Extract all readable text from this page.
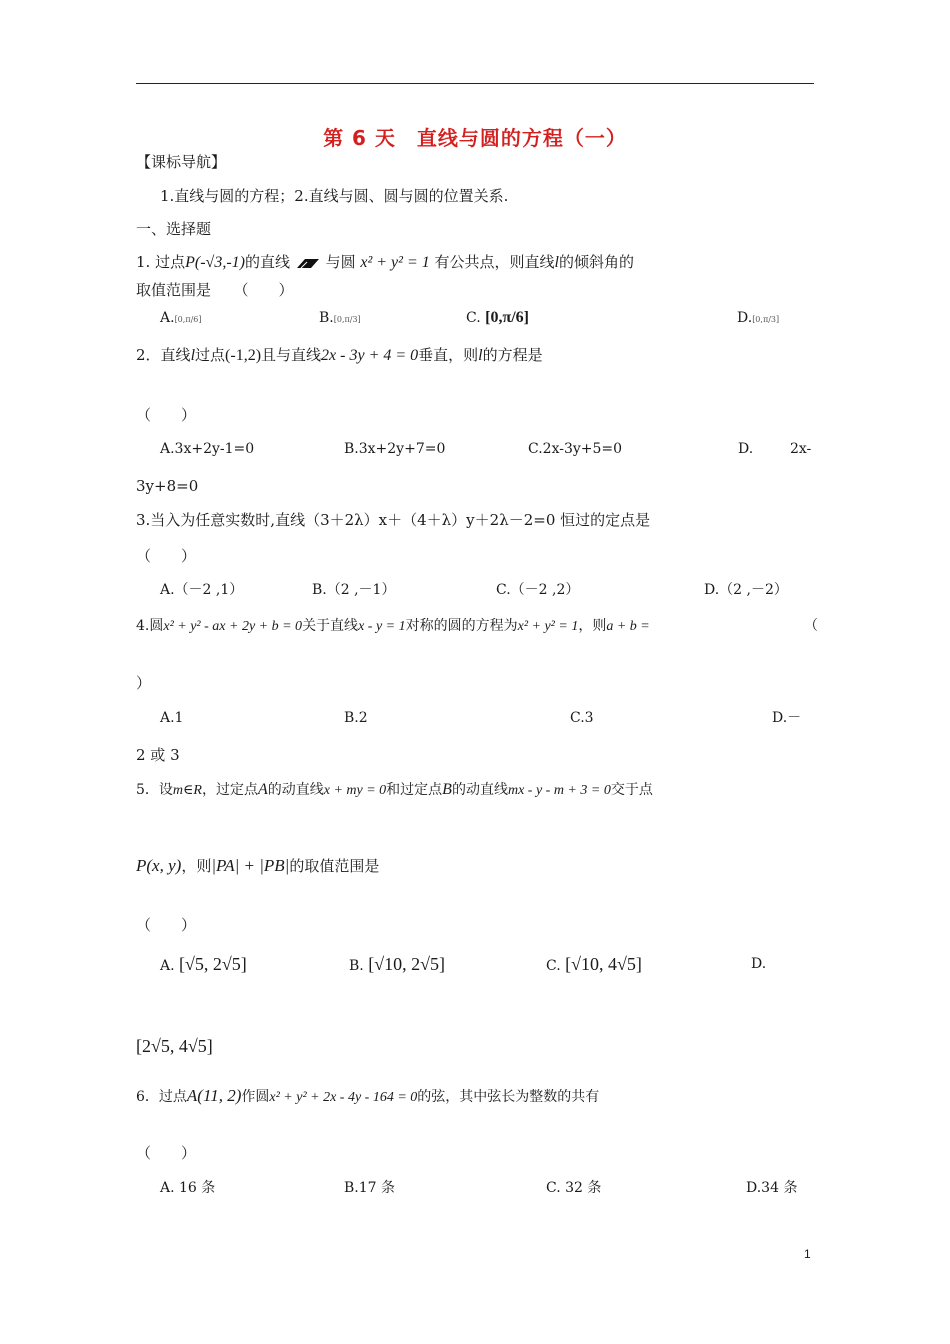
第 6 天　直线与圆的方程（一）
【课标导航】
1.直线与圆的方程；2.直线与圆、圆与圆的位置关系.
一、选择题
1. 过点P(-√3,-1)的直线 与圆 x² + y² = 1 有公共点，则直线l的倾斜角的
取值范围是　　（　　）
A.[0,π/6]	B.[0,π/3]	C. [0,π/6]	D.[0,π/3]
2．直线l过点(-1,2)且与直线2x - 3y + 4 = 0垂直，则l的方程是
（　　）
A.3x+2y-1=0	B.3x+2y+7=0	C.2x-3y+5=0	D.	2x-
3y+8=0
3.当入为任意实数时,直线（3＋2λ）x＋（4＋λ）y＋2λ－2=0 恒过的定点是
（　　）
A.（－2 ,1）	B.（2 ,－1）	C.（－2 ,2）	D.（2 ,－2）
4.圆x² + y² - ax + 2y + b = 0关于直线x - y = 1对称的圆的方程为x² + y² = 1，则a + b =	（
）
A.1	B.2	C.3	D.－
2 或 3
5．设m∈R，过定点A的动直线x + my = 0和过定点B的动直线mx - y - m + 3 = 0交于点
P(x, y)，则|PA| + |PB|的取值范围是
（　　）
A. [√5, 2√5]	B. [√10, 2√5]	C. [√10, 4√5]	D.
[2√5, 4√5]
6．过点A(11, 2)作圆x² + y² + 2x - 4y - 164 = 0的弦，其中弦长为整数的共有
（　　）
A. 16 条	B.17 条	C. 32 条	D.34 条
1
